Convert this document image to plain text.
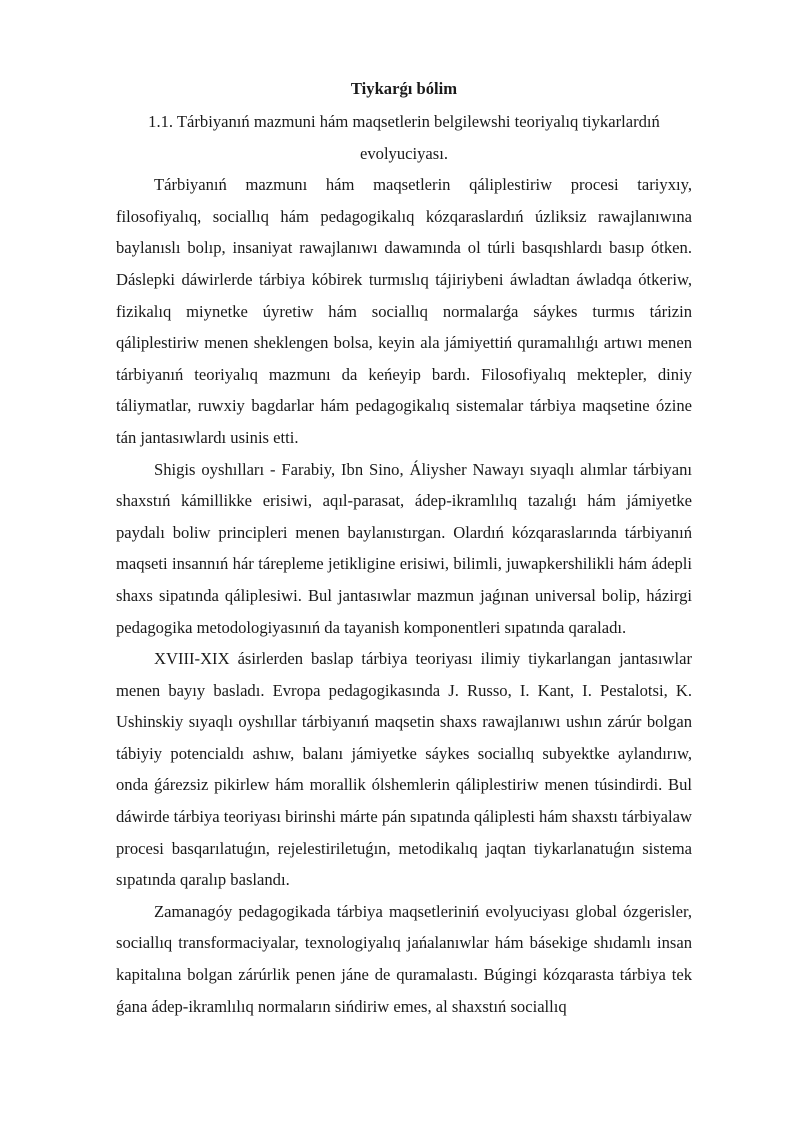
Tiykarǵı bólim

1.1. Tárbiyanıń mazmuni hám maqsetlerin belgilewshi teoriyalıq tiykarlardıń evolyuciyası.

Tárbiyanıń mazmunı hám maqsetlerin qáliplestiriw procesi tariyxıy, filosofiyalıq, sociallıq hám pedagogikalıq kózqaraslardıń úzliksiz rawajlanıwına baylanıslı bolıp, insaniyat rawajlanıwı dawamında ol túrli basqıshlardı basıp ótken. Dáslepki dáwirlerde tárbiya kóbirek turmıslıq tájiriybeni áwladtan áwladqa ótkeriw, fizikalıq miynetke úyretiw hám sociallıq normalarǵa sáykes turmıs tárizin qáliplestiriw menen sheklengen bolsa, keyin ala jámiyettiń quramalılıǵı artıwı menen tárbiyanıń teoriyalıq mazmunı da keńeyip bardı. Filosofiyalıq mektepler, diniy táliymatlar, ruwxiy bagdarlar hám pedagogikalıq sistemalar tárbiya maqsetine ózine tán jantasıwlardı usinis etti.

Shigis oyshılları - Farabiy, Ibn Sino, Áliysher Nawayı sıyaqlı alımlar tárbiyanı shaxstıń kámillikke erisiwi, aqıl-parasat, ádep-ikramlılıq tazalıǵı hám jámiyetke paydalı boliw principleri menen baylanıstırgan. Olardıń kózqaraslarında tárbiyanıń maqseti insannıń hár tárepleme jetikligine erisiwi, bilimli, juwapkershilikli hám ádepli shaxs sipatında qáliplesiwi. Bul jantasıwlar mazmun jaǵınan universal bolip, házirgi pedagogika metodologiyasınıń da tayanish komponentleri sıpatında qaraladı.

XVIII-XIX ásirlerden baslap tárbiya teoriyası ilimiy tiykarlangan jantasıwlar menen bayıy basladı. Evropa pedagogikasında J. Russo, I. Kant, I. Pestalotsi, K. Ushinskiy sıyaqlı oyshıllar tárbiyanıń maqsetin shaxs rawajlanıwı ushın zárúr bolgan tábiyiy potencialdı ashıw, balanı jámiyetke sáykes sociallıq subyektke aylandırıw, onda ǵárezsiz pikirlew hám morallik ólshemlerin qáliplestiriw menen túsindirdi. Bul dáwirde tárbiya teoriyası birinshi márte pán sıpatında qáliplesti hám shaxstı tárbiyalaw procesi basqarılatuǵın, rejelestiriletuǵın, metodikalıq jaqtan tiykarlanatuǵın sistema sıpatında qaralıp baslandı.

Zamanagóy pedagogikada tárbiya maqsetleriniń evolyuciyası global ózgerisler, sociallıq transformaciyalar, texnologiyalıq jańalanıwlar hám básekige shıdamlı insan kapitalına bolgan zárúrlik penen jáne de quramalastı. Búgingi kózqarasta tárbiya tek ǵana ádep-ikramlılıq normaların sińdiriw emes, al shaxstıń sociallıq
